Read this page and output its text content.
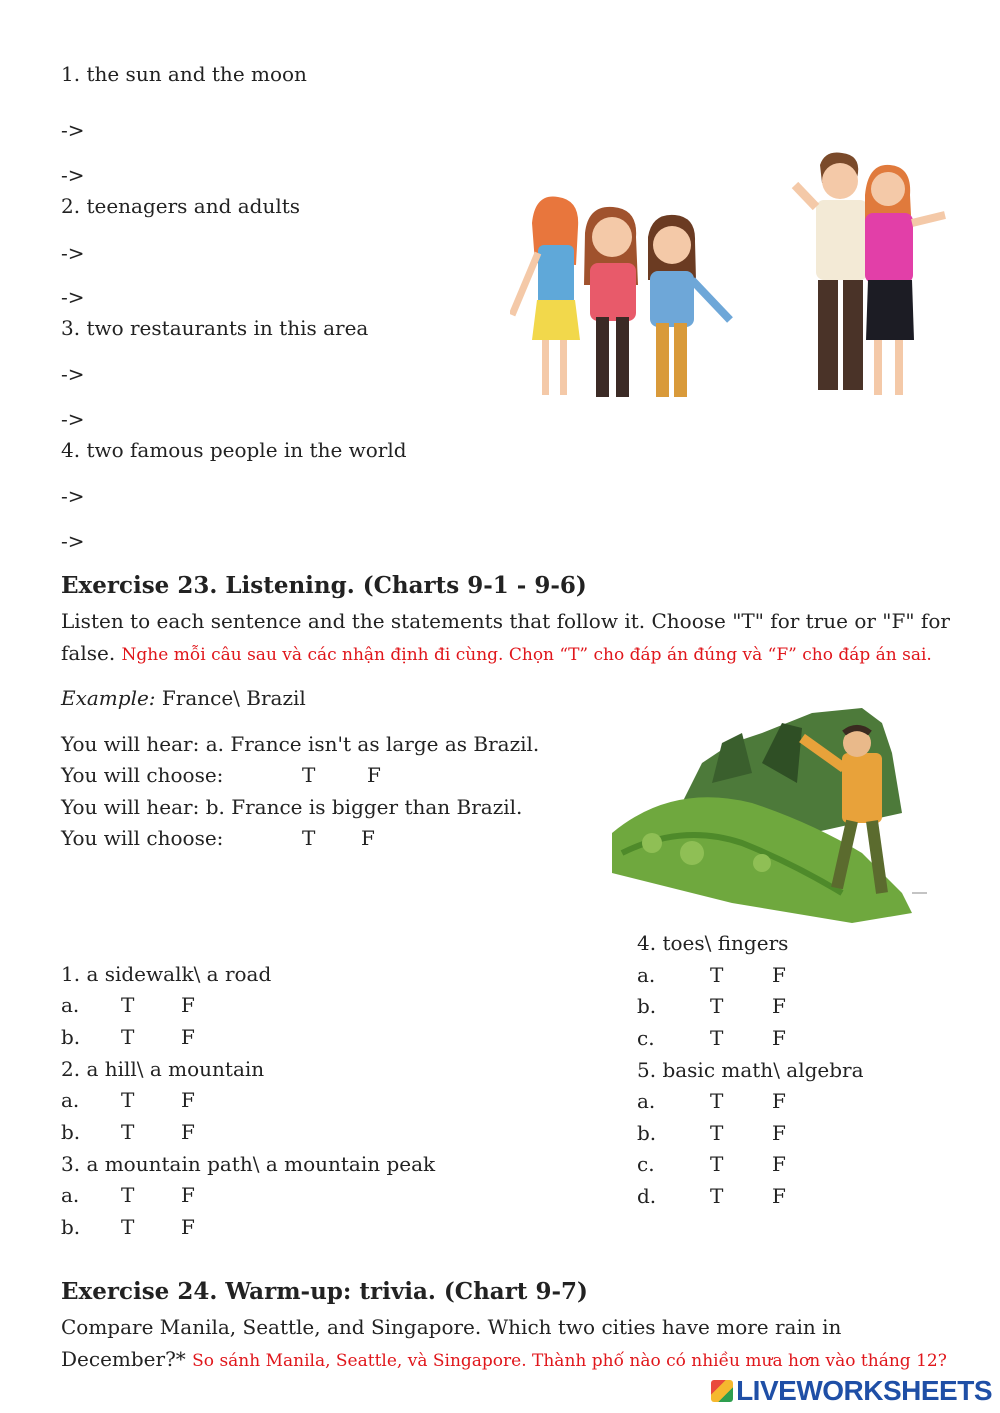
1. the sun and the moon
->
->
2. teenagers and adults
->
->
3. two restaurants in this area
->
->
4. two famous people in the world
->
->
Exercise 23. Listening. (Charts 9-1 - 9-6)
Listen to each sentence and the statements that follow it. Choose "T" for true or "F" for
false. Nghe mỗi câu sau và các nhận định đi cùng. Chọn “T” cho đáp án đúng và “F” cho đáp án sai.
Example: France\ Brazil
You will hear: a. France isn't as large as Brazil.
You will choose:	T	F
You will hear: b. France is bigger than Brazil.
You will choose:	T F
1. a sidewalk\ a road
a. T F
b. T F
2. a hill\ a mountain
a. T F
b. T F
3. a mountain path\ a mountain peak
a. T F
b. T F
4. toes\ fingers
a.	T F
b.	T F
c.	T F
5. basic math\ algebra
a.	T F
b.	T F
c.	T F
d.	T F
Exercise 24. Warm-up: trivia. (Chart 9-7)
Compare Manila, Seattle, and Singapore. Which two cities have more rain in
December?* So sánh Manila, Seattle, và Singapore. Thành phố nào có nhiều mưa hơn vào tháng 12?
LIVEWORKSHEETS
